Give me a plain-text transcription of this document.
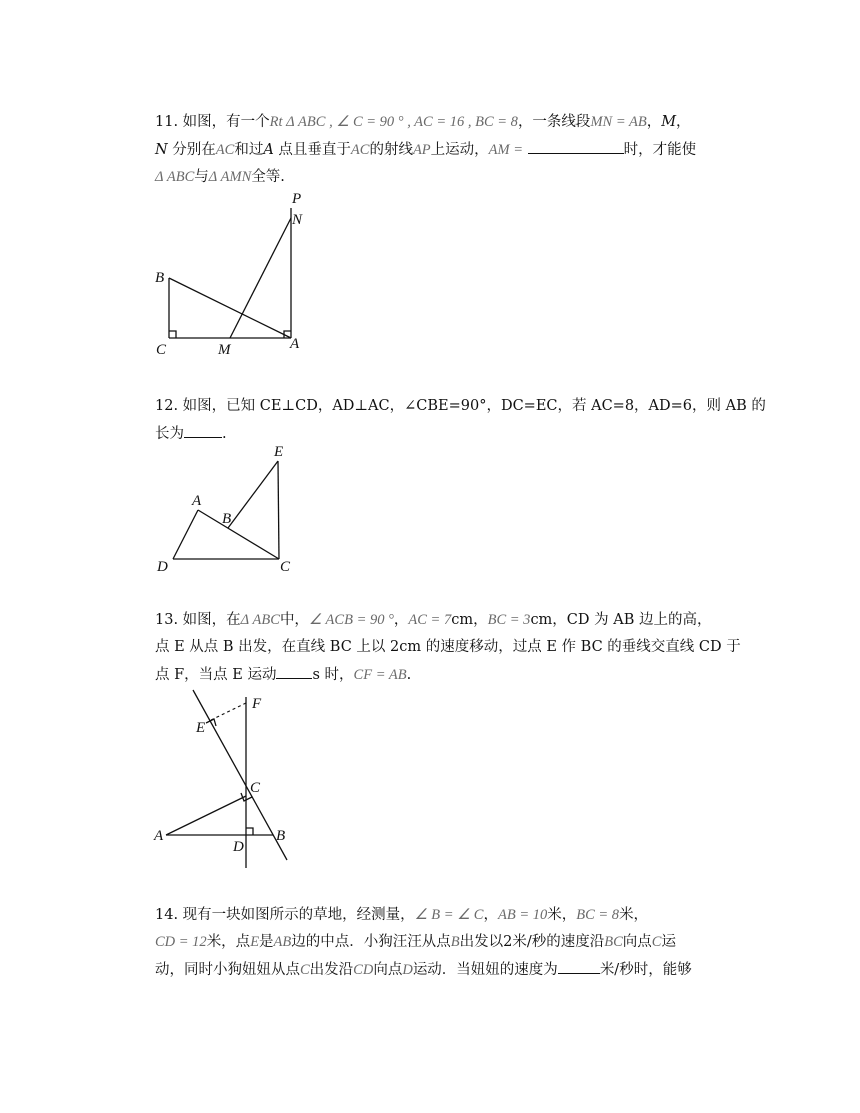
11. 如图，有一个Rt Δ ABC , ∠ C = 90 ° , AC = 16 , BC = 8，一条线段MN = AB，M，
N 分别在AC和过A 点且垂直于AC的射线AP上运动，AM =	时，才能使
Δ ABC与Δ AMN全等.
P
N
B
C	M	A
12. 如图，已知 CE⊥CD，AD⊥AC，∠CBE=90°，DC=EC，若 AC=8，AD=6，则 AB 的
长为	.
E
A
B
D	C
13. 如图，在Δ ABC中，∠ ACB = 90 °，AC = 7cm，BC = 3cm，CD 为 AB 边上的高，
点 E 从点 B 出发，在直线 BC 上以 2cm 的速度移动，过点 E 作 BC 的垂线交直线 CD 于
点 F，当点 E 运动 s 时，CF = AB.
F
E
C
A
D
B
14. 现有一块如图所示的草地，经测量，∠ B = ∠ C，AB = 10米，BC = 8米，
CD = 12米，点E是AB边的中点．小狗汪汪从点B出发以2米/秒的速度沿BC向点C运
动，同时小狗妞妞从点C出发沿CD向点D运动．当妞妞的速度为	米/秒时，能够
